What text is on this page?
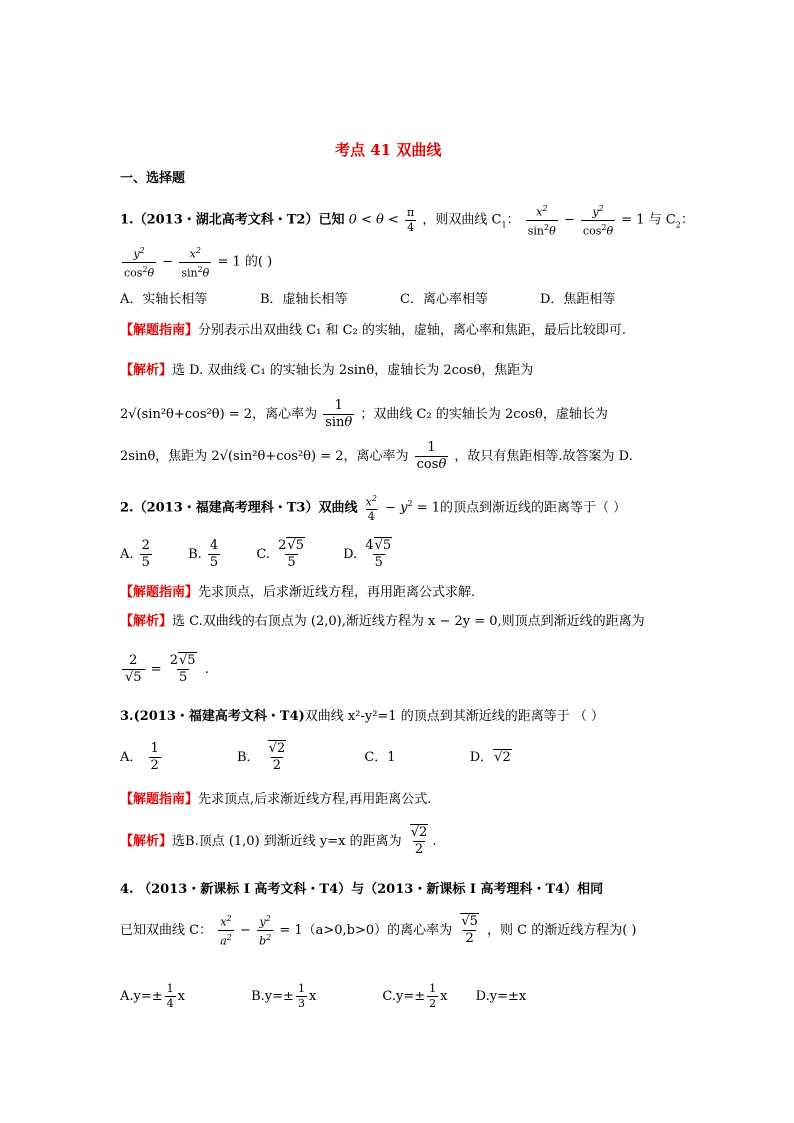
考点 41 双曲线
一、选择题
1.（2013・湖北高考文科・T2）已知 $0 < \theta < \frac{\pi}{4}$ ，则双曲线 $C_1$： $\frac{x^2}{\sin^2\theta} - \frac{y^2}{\cos^2\theta} = 1$ 与 $C_2$：
$\frac{y^2}{\cos^2\theta} - \frac{x^2}{\sin^2\theta} = 1$ 的( )
A．实轴长相等	B．虚轴长相等	C．离心率相等	D．焦距相等
【解题指南】分别表示出双曲线 C₁ 和 C₂ 的实轴，虚轴，离心率和焦距，最后比较即可.
【解析】选 D. 双曲线 C₁ 的实轴长为 2sinθ，虚轴长为 2cosθ，焦距为
2√(sin²θ+cos²θ) = 2，离心率为 $\frac{1}{\sin\theta}$ ；双曲线 C₂ 的实轴长为 2cosθ，虚轴长为
2sinθ，焦距为 2√(sin²θ+cos²θ) = 2，离心率为 $\frac{1}{\cos\theta}$ ，故只有焦距相等.故答案为 D.
2.（2013・福建高考理科・T3）双曲线 $\frac{x^2}{4} - y^2 = 1$的顶点到渐近线的距离等于（ ）
A. $\frac{2}{5}$	B. $\frac{4}{5}$	C. $\frac{2√5}{5}$	D. $\frac{4√5}{5}$
【解题指南】先求顶点，后求渐近线方程，再用距离公式求解.
【解析】选 C.双曲线的右顶点为 (2,0),渐近线方程为 x − 2y = 0,则顶点到渐近线的距离为
$\frac{2}{√5} = \frac{2√5}{5}$ .
3.(2013・福建高考文科・T4)双曲线 x²-y²=1 的顶点到其渐近线的距离等于 （ ）
A． $\frac{1}{2}$	B． $\frac{√2}{2}$	C．1	D．√2
【解题指南】先求顶点,后求渐近线方程,再用距离公式.
【解析】选B.顶点 (1,0) 到渐近线 y=x 的距离为 $\frac{√2}{2}$ .
4. （2013・新课标 I 高考文科・T4）与（2013・新课标 I 高考理科・T4）相同
已知双曲线 C： $\frac{x^2}{a^2} - \frac{y^2}{b^2} = 1(a>0,b>0)$的离心率为 $\frac{√5}{2}$ ，则 C 的渐近线方程为( )
$A.y=\pm \frac{1}{4}$ x	$B.y=\pm \frac{1}{3}$ x	$C.y=\pm \frac{1}{2}$ x D.y=±x
